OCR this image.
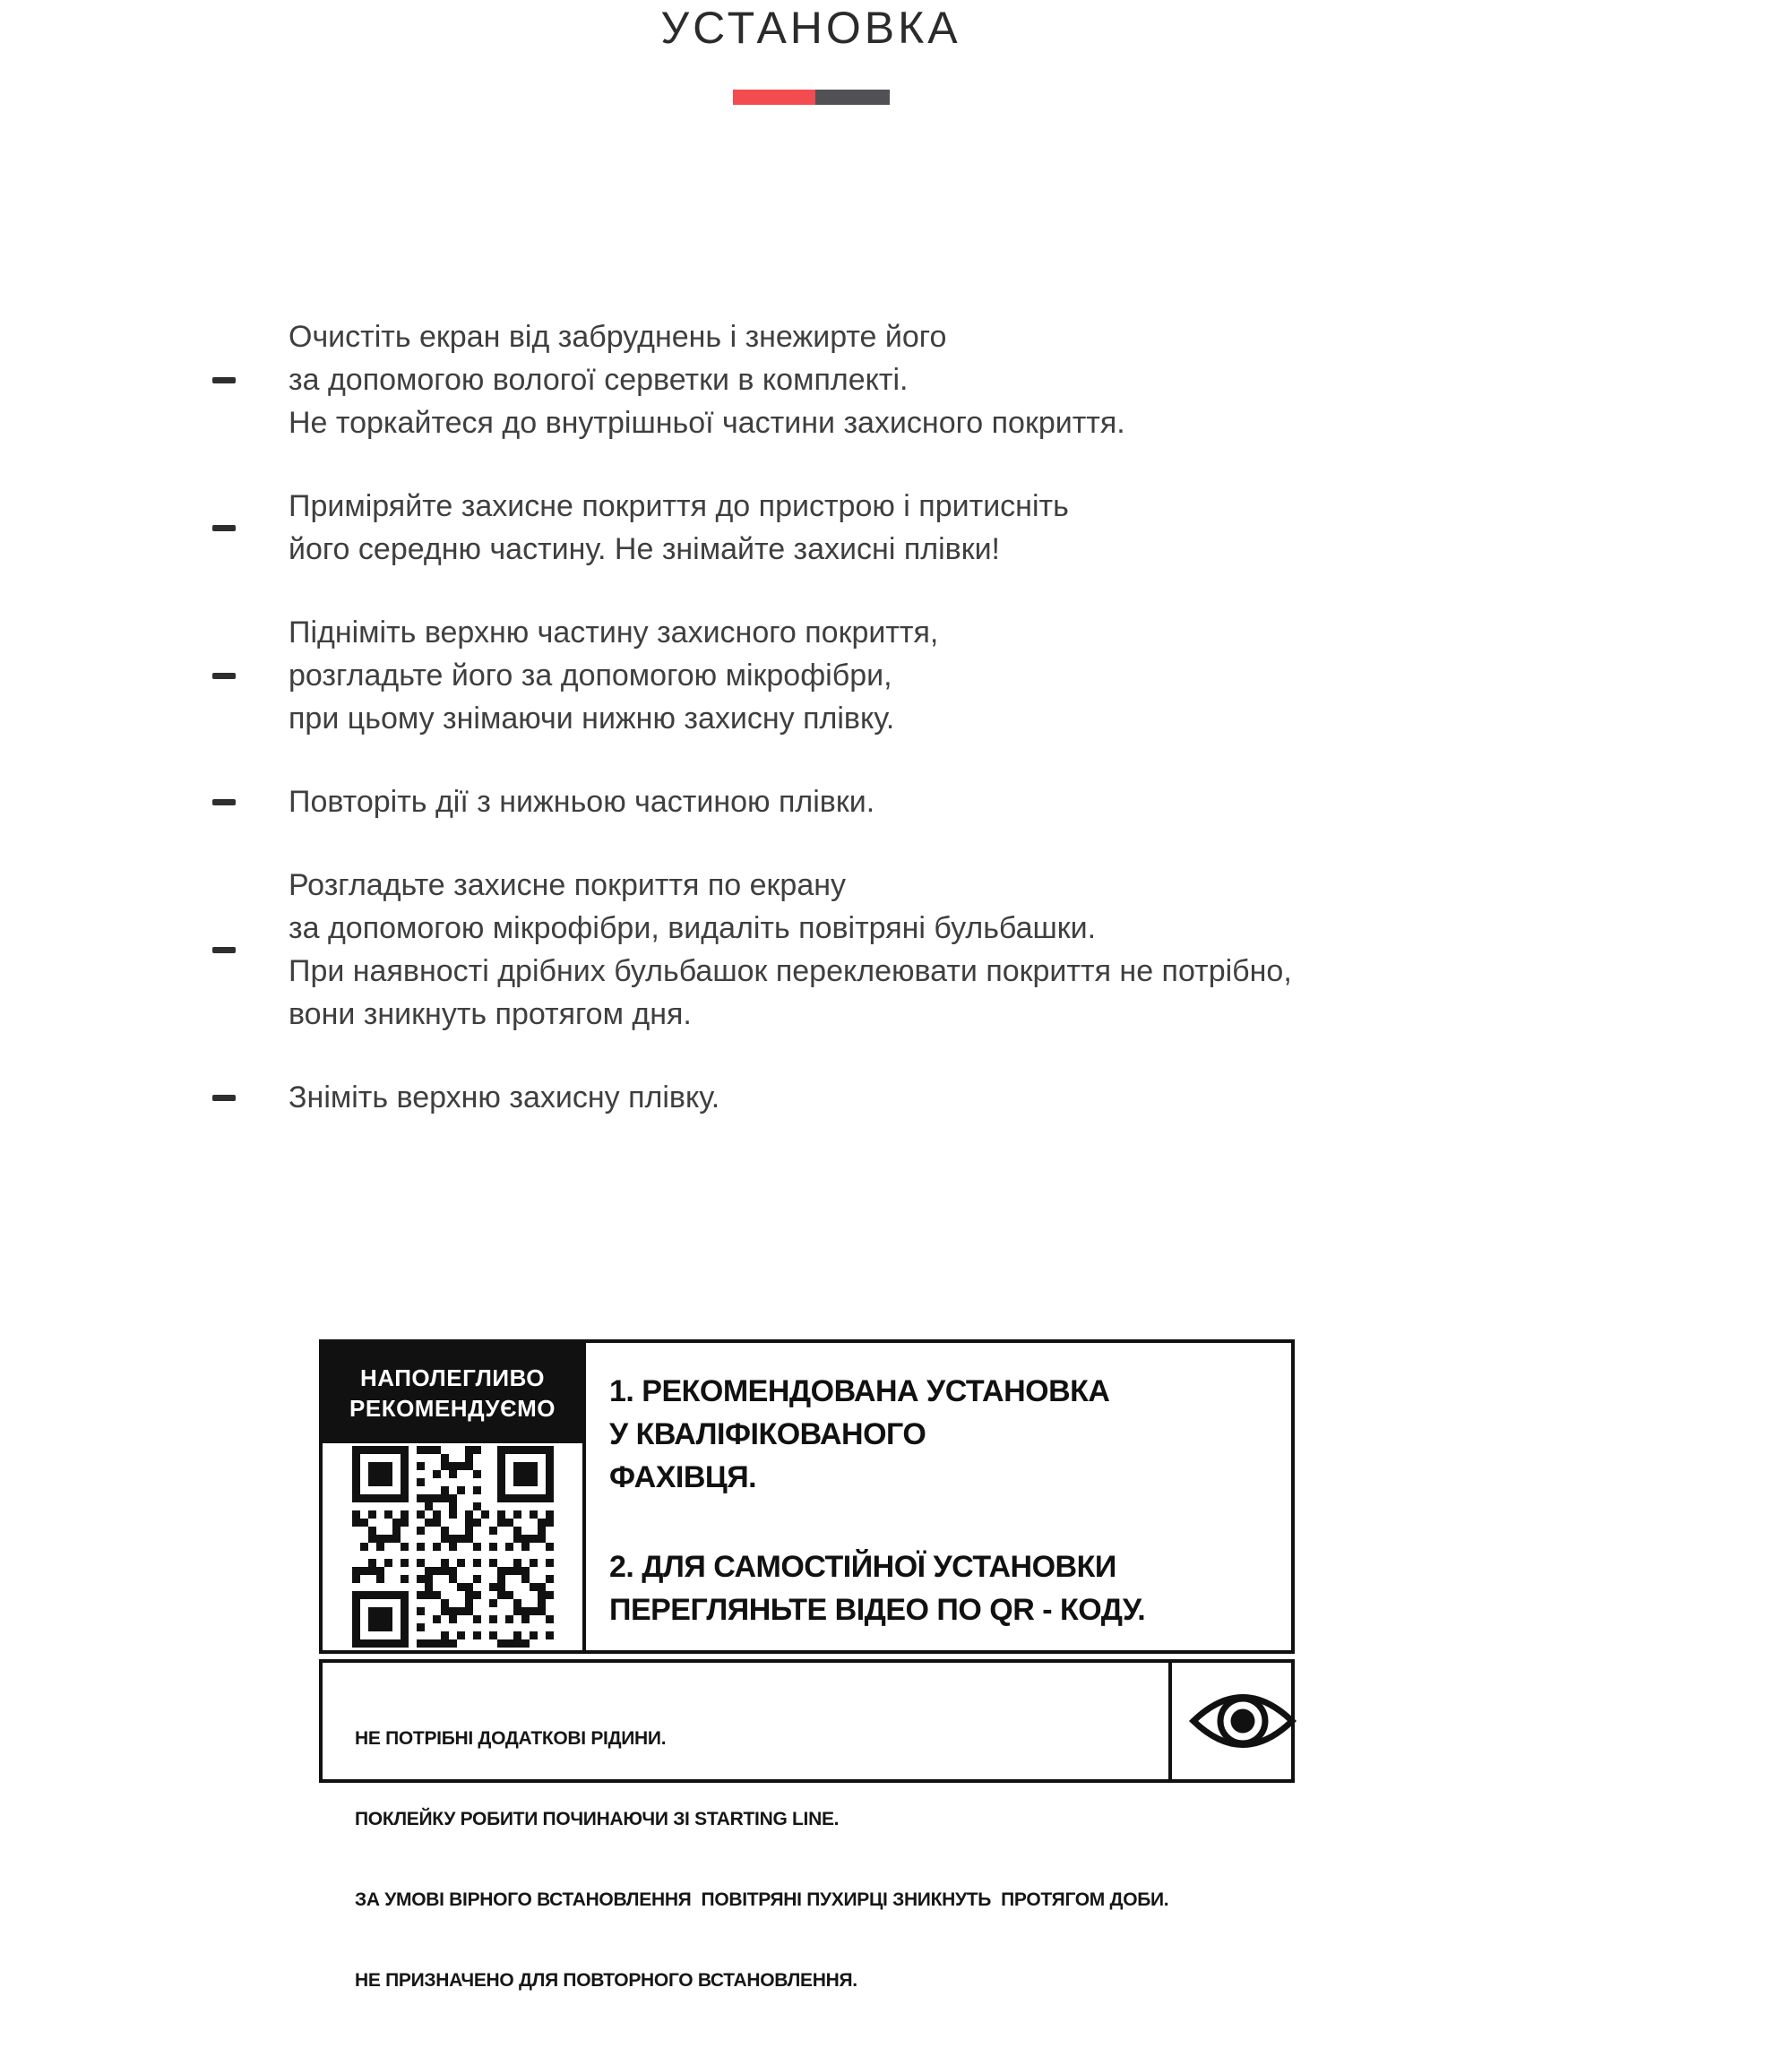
УСТАНОВКА
Очистіть екран від забруднень і знежирте його
за допомогою вологої серветки в комплекті.
Не торкайтеся до внутрішньої частини захисного покриття.
Приміряйте захисне покриття до пристрою і притисніть
його середню частину. Не знімайте захисні плівки!
Підніміть верхню частину захисного покриття,
розгладьте його за допомогою мікрофібри,
при цьому знімаючи нижню захисну плівку.
Повторіть дії з нижньою частиною плівки.
Розгладьте захисне покриття по екрану
за допомогою мікрофібри, видаліть повітряні бульбашки.
При наявності дрібних бульбашок переклеювати покриття не потрібно,
вони зникнуть протягом дня.
Зніміть верхню захисну плівку.
НАПОЛЕГЛИВО
РЕКОМЕНДУЄМО 1. РЕКОМЕНДОВАНА УСТАНОВКА
У КВАЛІФІКОВАНОГО
ФАХІВЦЯ.
2. ДЛЯ САМОСТІЙНОЇ УСТАНОВКИ
ПЕРЕГЛЯНЬТЕ ВІДЕО ПО QR - КОДУ.

НЕ ПОТРІБНІ ДОДАТКОВІ РІДИНИ.

ПОКЛЕЙКУ РОБИТИ ПОЧИНАЮЧИ ЗІ STARTING LINE.

ЗА УМОВІ ВІРНОГО ВСТАНОВЛЕННЯ  ПОВІТРЯНІ ПУХИРЦІ ЗНИКНУТЬ  ПРОТЯГОМ ДОБИ.

НЕ ПРИЗНАЧЕНО ДЛЯ ПОВТОРНОГО ВСТАНОВЛЕННЯ.
